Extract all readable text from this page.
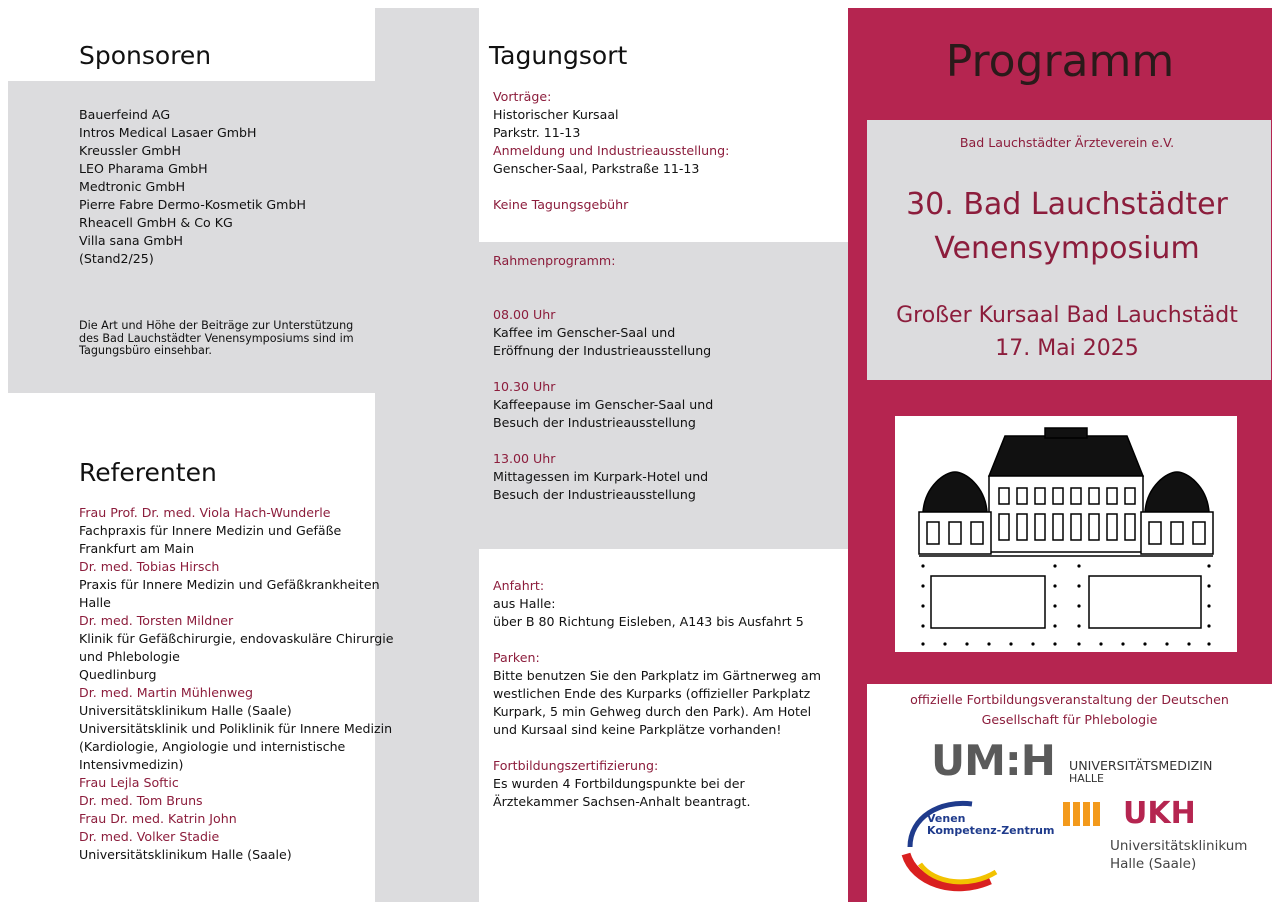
Sponsoren
Bauerfeind AG
Intros Medical Lasaer GmbH
Kreussler GmbH
LEO Pharama GmbH
Medtronic GmbH
Pierre Fabre Dermo-Kosmetik GmbH
Rheacell GmbH & Co KG
Villa sana GmbH
(Stand2/25)
Die Art und Höhe der Beiträge zur Unterstützung
des Bad Lauchstädter Venensymposiums sind im
Tagungsbüro einsehbar.
Referenten
Frau Prof. Dr. med. Viola Hach-Wunderle
Fachpraxis für Innere Medizin und Gefäße
Frankfurt am Main
Dr. med. Tobias Hirsch
Praxis für Innere Medizin und Gefäßkrankheiten
Halle
Dr. med. Torsten Mildner
Klinik für Gefäßchirurgie, endovaskuläre Chirurgie
und Phlebologie
Quedlinburg
Dr. med. Martin Mühlenweg
Universitätsklinikum Halle (Saale)
Universitätsklinik und Poliklinik für Innere Medizin
(Kardiologie, Angiologie und internistische
Intensivmedizin)
Frau Lejla Softic
Dr. med. Tom Bruns
Frau Dr. med. Katrin John
Dr. med. Volker Stadie
Universitätsklinikum Halle (Saale)
Tagungsort
Vorträge:
Historischer Kursaal
Parkstr. 11-13
Anmeldung und Industrieausstellung:
Genscher-Saal, Parkstraße 11-13
Keine Tagungsgebühr
Rahmenprogramm:
08.00 Uhr
Kaffee im Genscher-Saal und
Eröffnung der Industrieausstellung
10.30 Uhr
Kaffeepause im Genscher-Saal und
Besuch der Industrieausstellung
13.00 Uhr
Mittagessen im Kurpark-Hotel und
Besuch der Industrieausstellung
Anfahrt:
aus Halle:
über B 80 Richtung Eisleben, A143 bis Ausfahrt 5
Parken:
Bitte benutzen Sie den Parkplatz im Gärtnerweg am
westlichen Ende des Kurparks (offizieller Parkplatz
Kurpark, 5 min Gehweg durch den Park). Am Hotel
und Kursaal sind keine Parkplätze vorhanden!
Fortbildungszertifizierung:
Es wurden 4 Fortbildungspunkte bei der
Ärztekammer Sachsen-Anhalt beantragt.
Programm
Bad Lauchstädter Ärzteverein e.V.
30. Bad Lauchstädter
Venensymposium
Großer Kursaal Bad Lauchstädt
17. Mai 2025
offizielle Fortbildungsveranstaltung der Deutschen
Gesellschaft für Phlebologie
UM:H UNIVERSITÄTSMEDIZIN
HALLE
Venen
Kompetenz-Zentrum UKH
Universitätsklinikum
Halle (Saale)
